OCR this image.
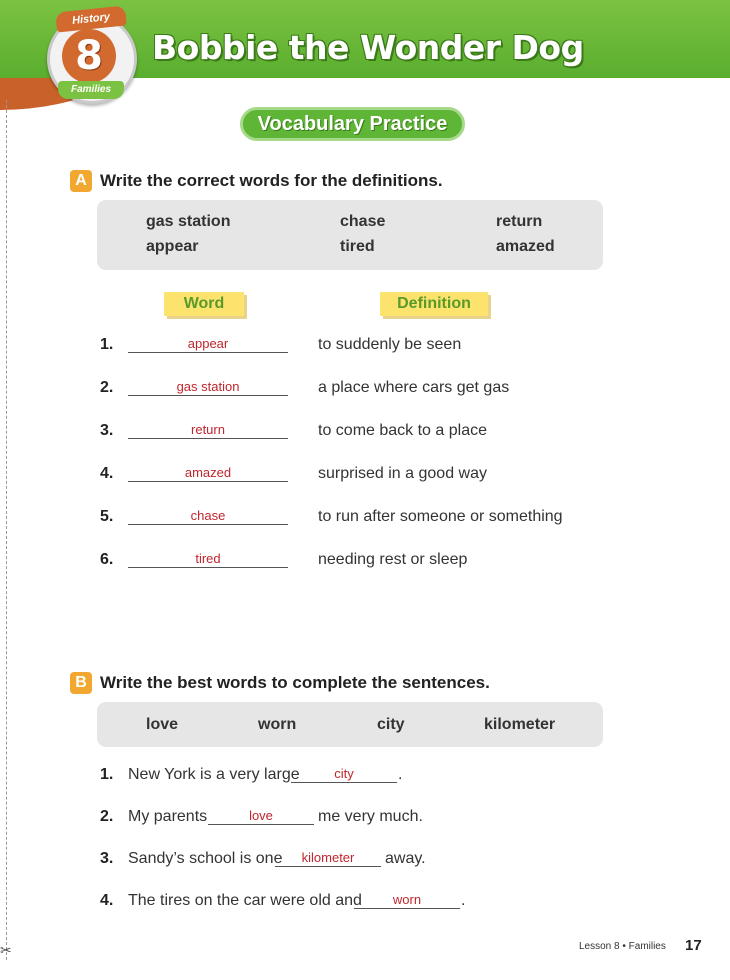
✂
History
8
Families
Bobbie the Wonder Dog
Vocabulary Practice
A Write the correct words for the definitions.
gas station	chase	return
appear	tired	amazed
Word	Definition
1.	appear	to suddenly be seen
2.	gas station	a place where cars get gas
3.	return	to come back to a place
4.	amazed	surprised in a good way
5.	chase	to run after someone or something
6.	tired	needing rest or sleep
B Write the best words to complete the sentences.
love	worn	city	kilometer
1. New York is a very large	city	.
2. My parents	love	me very much.
3. Sandy’s school is one	kilometer	away.
4. The tires on the car were old and	worn	.
Lesson 8 • Families 17
